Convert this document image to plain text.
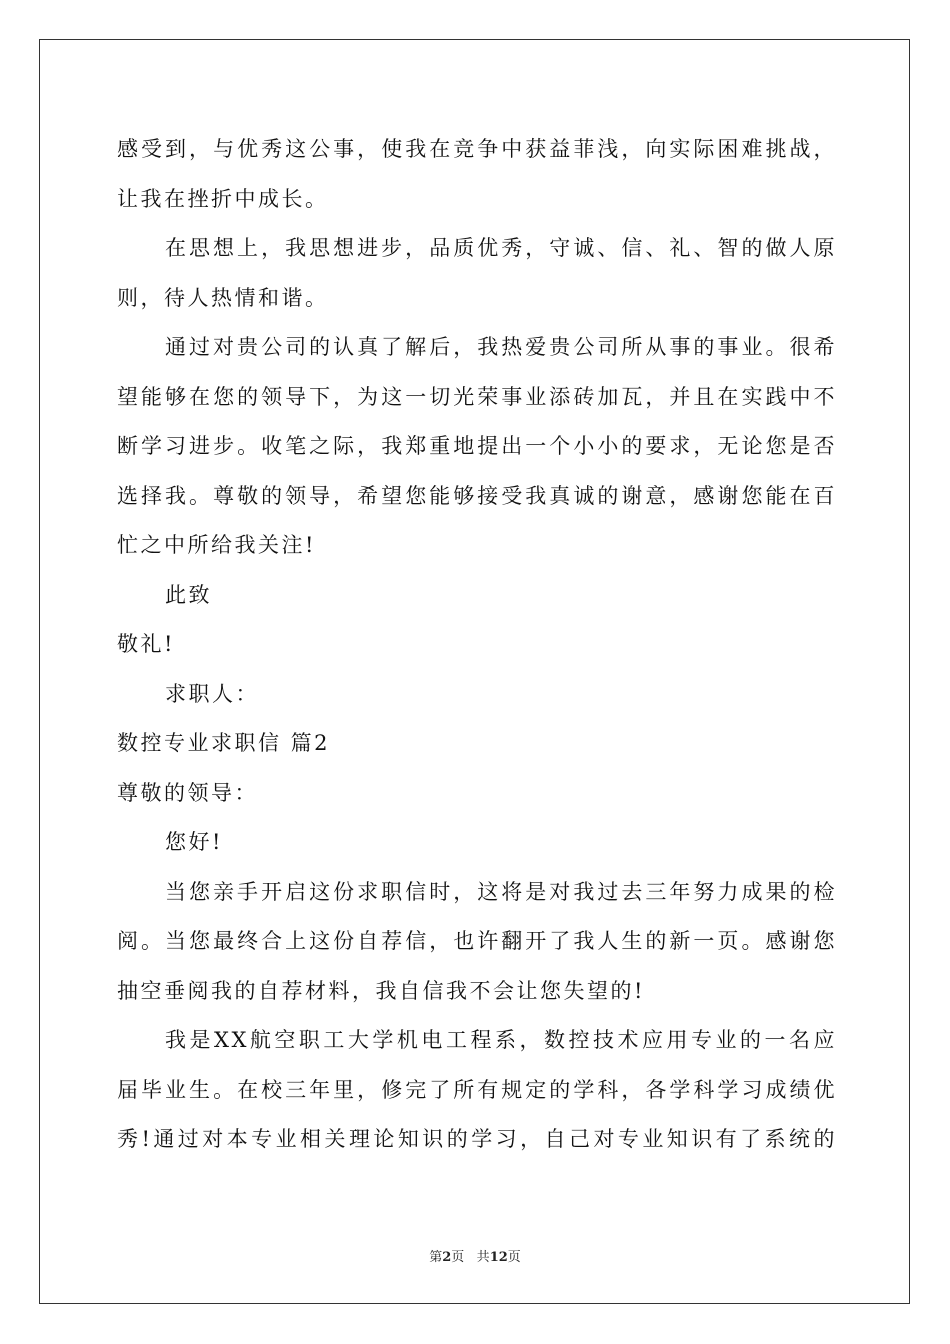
感受到，与优秀这公事，使我在竞争中获益菲浅，向实际困难挑战，
让我在挫折中成长。
在思想上，我思想进步，品质优秀，守诚、信、礼、智的做人原
则，待人热情和谐。
通过对贵公司的认真了解后，我热爱贵公司所从事的事业。很希
望能够在您的领导下，为这一切光荣事业添砖加瓦，并且在实践中不
断学习进步。收笔之际，我郑重地提出一个小小的要求，无论您是否
选择我。尊敬的领导，希望您能够接受我真诚的谢意，感谢您能在百
忙之中所给我关注!
此致
敬礼!
求职人：
数控专业求职信 篇2
尊敬的领导：
您好!
当您亲手开启这份求职信时，这将是对我过去三年努力成果的检
阅。当您最终合上这份自荐信，也许翻开了我人生的新一页。感谢您
抽空垂阅我的自荐材料，我自信我不会让您失望的!
我是XX航空职工大学机电工程系，数控技术应用专业的一名应
届毕业生。在校三年里，修完了所有规定的学科，各学科学习成绩优
秀!通过对本专业相关理论知识的学习，自己对专业知识有了系统的
第2页 共12页
